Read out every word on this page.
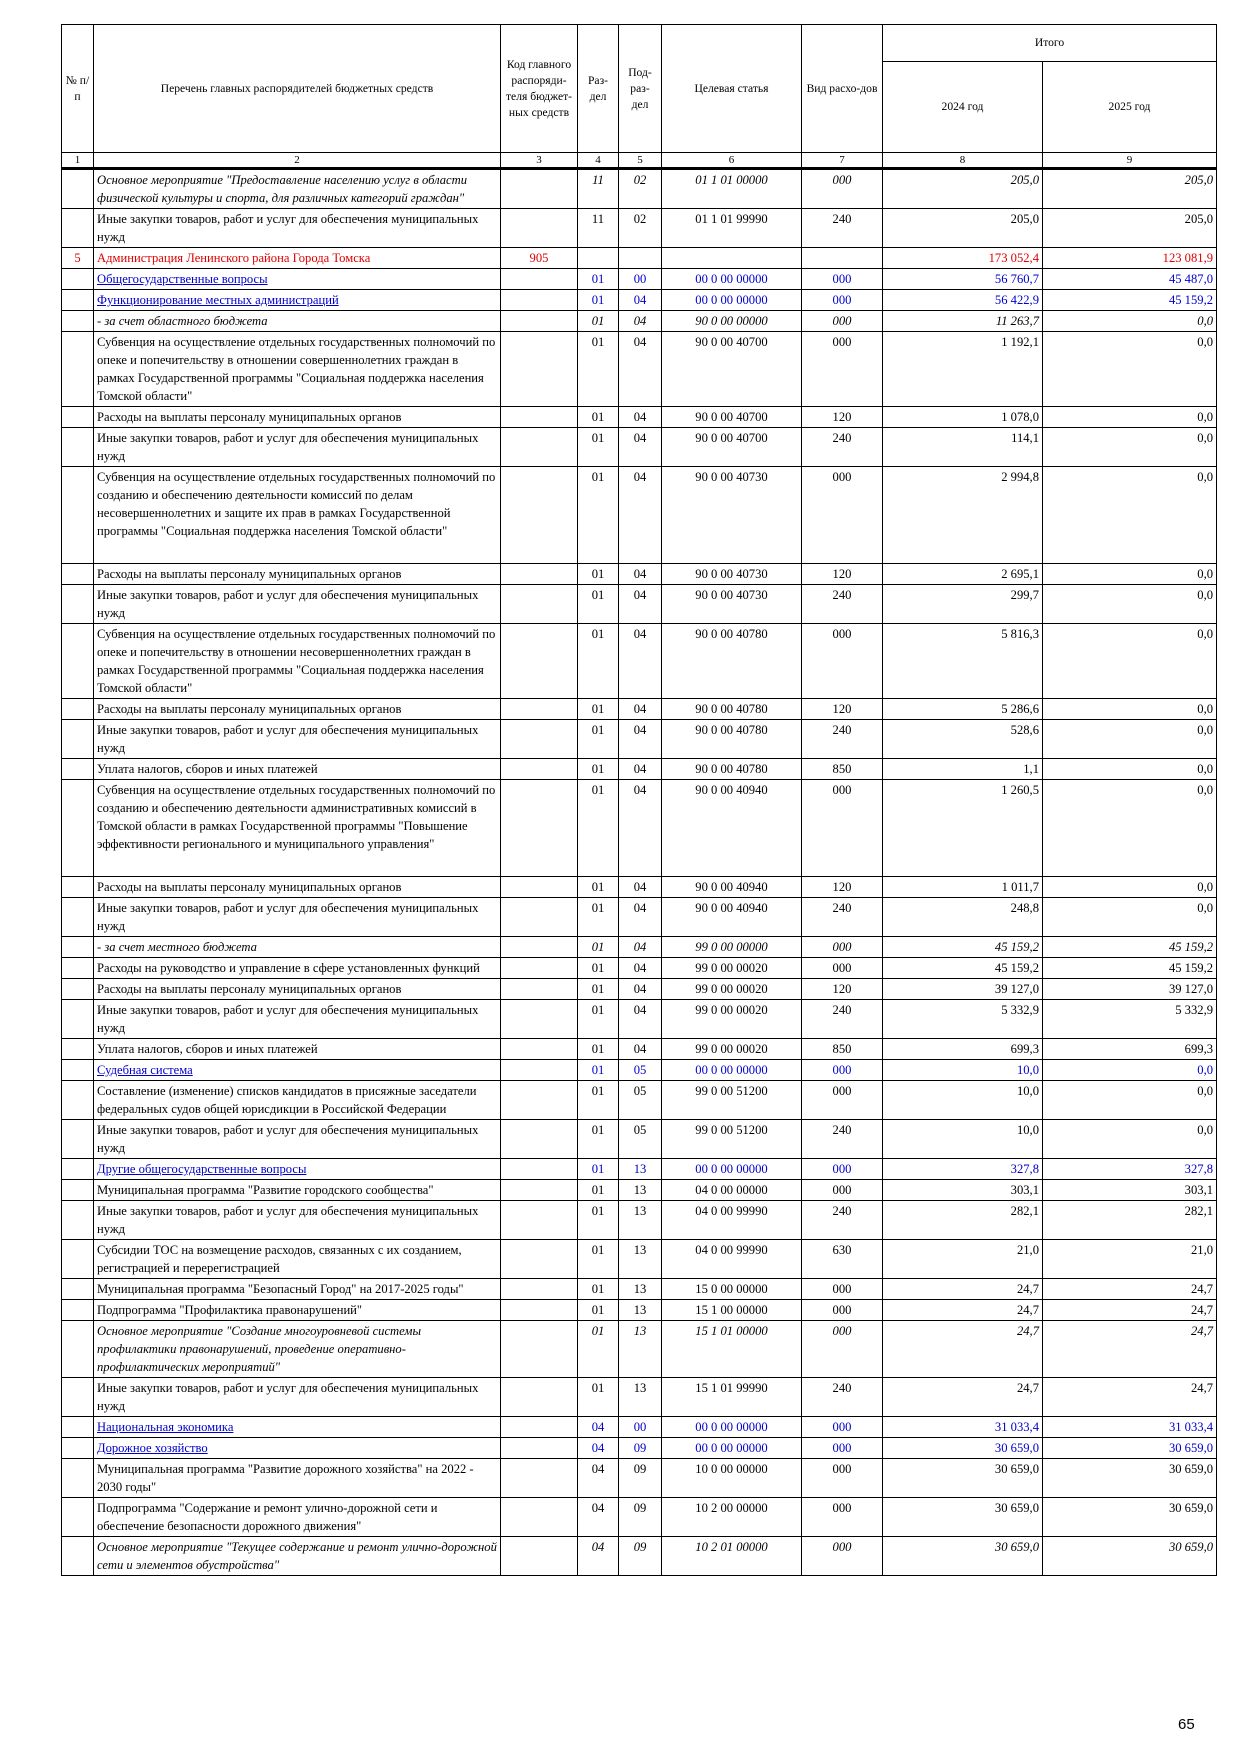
№ п/п	Перечень главных распорядителей бюджетных средств	Код главного распоряди-теля бюджет-ных средств	Раз-дел	Под-раз-дел	Целевая статья	Вид расхо-дов	Итого	
							2024 год	2025 год
1	2	3	4	5	6	7	8	9
	Основное мероприятие "Предоставление населению услуг в области физической культуры и спорта, для различных категорий граждан"		11	02	01 1 01 00000	000	205,0	205,0
	Иные закупки товаров, работ и услуг для обеспечения муниципальных нужд		11	02	01 1 01 99990	240	205,0	205,0
5	Администрация Ленинского района Города Томска	905					173 052,4	123 081,9
	Общегосударственные вопросы		01	00	00 0 00 00000	000	56 760,7	45 487,0
	Функционирование местных администраций		01	04	00 0 00 00000	000	56 422,9	45 159,2
	- за счет областного бюджета		01	04	90 0 00 00000	000	11 263,7	0,0
	Субвенция на осуществление отдельных государственных полномочий по опеке и попечительству в отношении совершеннолетних граждан в рамках Государственной программы "Социальная поддержка населения Томской области"		01	04	90 0 00 40700	000	1 192,1	0,0
	Расходы на выплаты персоналу муниципальных органов		01	04	90 0 00 40700	120	1 078,0	0,0
	Иные закупки товаров, работ и услуг для обеспечения муниципальных нужд		01	04	90 0 00 40700	240	114,1	0,0
	Субвенция на осуществление отдельных государственных полномочий по созданию и обеспечению деятельности комиссий по делам несовершеннолетних и защите их прав в рамках Государственной программы "Социальная поддержка населения Томской области"		01	04	90 0 00 40730	000	2 994,8	0,0
	Расходы на выплаты персоналу муниципальных органов		01	04	90 0 00 40730	120	2 695,1	0,0
	Иные закупки товаров, работ и услуг для обеспечения муниципальных нужд		01	04	90 0 00 40730	240	299,7	0,0
	Субвенция на осуществление отдельных государственных полномочий по опеке и попечительству в отношении несовершеннолетних граждан в рамках Государственной программы "Социальная поддержка населения Томской области"		01	04	90 0 00 40780	000	5 816,3	0,0
	Расходы на выплаты персоналу муниципальных органов		01	04	90 0 00 40780	120	5 286,6	0,0
	Иные закупки товаров, работ и услуг для обеспечения муниципальных нужд		01	04	90 0 00 40780	240	528,6	0,0
	Уплата налогов, сборов и иных платежей		01	04	90 0 00 40780	850	1,1	0,0
	Субвенция на осуществление отдельных государственных полномочий по созданию и обеспечению деятельности административных комиссий в Томской области в рамках Государственной программы "Повышение эффективности регионального и муниципального управления"		01	04	90 0 00 40940	000	1 260,5	0,0
	Расходы на выплаты персоналу муниципальных органов		01	04	90 0 00 40940	120	1 011,7	0,0
	Иные закупки товаров, работ и услуг для обеспечения муниципальных нужд		01	04	90 0 00 40940	240	248,8	0,0
	- за счет местного бюджета		01	04	99 0 00 00000	000	45 159,2	45 159,2
	Расходы на руководство и управление в сфере установленных функций		01	04	99 0 00 00020	000	45 159,2	45 159,2
	Расходы на выплаты персоналу муниципальных органов		01	04	99 0 00 00020	120	39 127,0	39 127,0
	Иные закупки товаров, работ и услуг для обеспечения муниципальных нужд		01	04	99 0 00 00020	240	5 332,9	5 332,9
	Уплата налогов, сборов и иных платежей		01	04	99 0 00 00020	850	699,3	699,3
	Судебная система		01	05	00 0 00 00000	000	10,0	0,0
	Составление (изменение) списков кандидатов в присяжные заседатели федеральных судов общей юрисдикции в Российской Федерации		01	05	99 0 00 51200	000	10,0	0,0
	Иные закупки товаров, работ и услуг для обеспечения муниципальных нужд		01	05	99 0 00 51200	240	10,0	0,0
	Другие общегосударственные вопросы		01	13	00 0 00 00000	000	327,8	327,8
	Муниципальная программа "Развитие городского сообщества"		01	13	04 0 00 00000	000	303,1	303,1
	Иные закупки товаров, работ и услуг для обеспечения муниципальных нужд		01	13	04 0 00 99990	240	282,1	282,1
	Субсидии ТОС на возмещение расходов, связанных с их созданием, регистрацией и перерегистрацией		01	13	04 0 00 99990	630	21,0	21,0
	Муниципальная программа "Безопасный Город" на 2017-2025 годы"		01	13	15 0 00 00000	000	24,7	24,7
	Подпрограмма "Профилактика правонарушений"		01	13	15 1 00 00000	000	24,7	24,7
	Основное мероприятие "Создание многоуровневой системы профилактики правонарушений, проведение оперативно-профилактических мероприятий"		01	13	15 1 01 00000	000	24,7	24,7
	Иные закупки товаров, работ и услуг для обеспечения муниципальных нужд		01	13	15 1 01 99990	240	24,7	24,7
	Национальная экономика		04	00	00 0 00 00000	000	31 033,4	31 033,4
	Дорожное хозяйство		04	09	00 0 00 00000	000	30 659,0	30 659,0
	Муниципальная программа "Развитие дорожного хозяйства" на 2022 - 2030 годы"		04	09	10 0 00 00000	000	30 659,0	30 659,0
	Подпрограмма "Содержание и ремонт улично-дорожной сети и обеспечение безопасности дорожного движения"		04	09	10 2 00 00000	000	30 659,0	30 659,0
	Основное мероприятие "Текущее содержание и ремонт улично-дорожной сети и элементов обустройства"		04	09	10 2 01 00000	000	30 659,0	30 659,0
65
